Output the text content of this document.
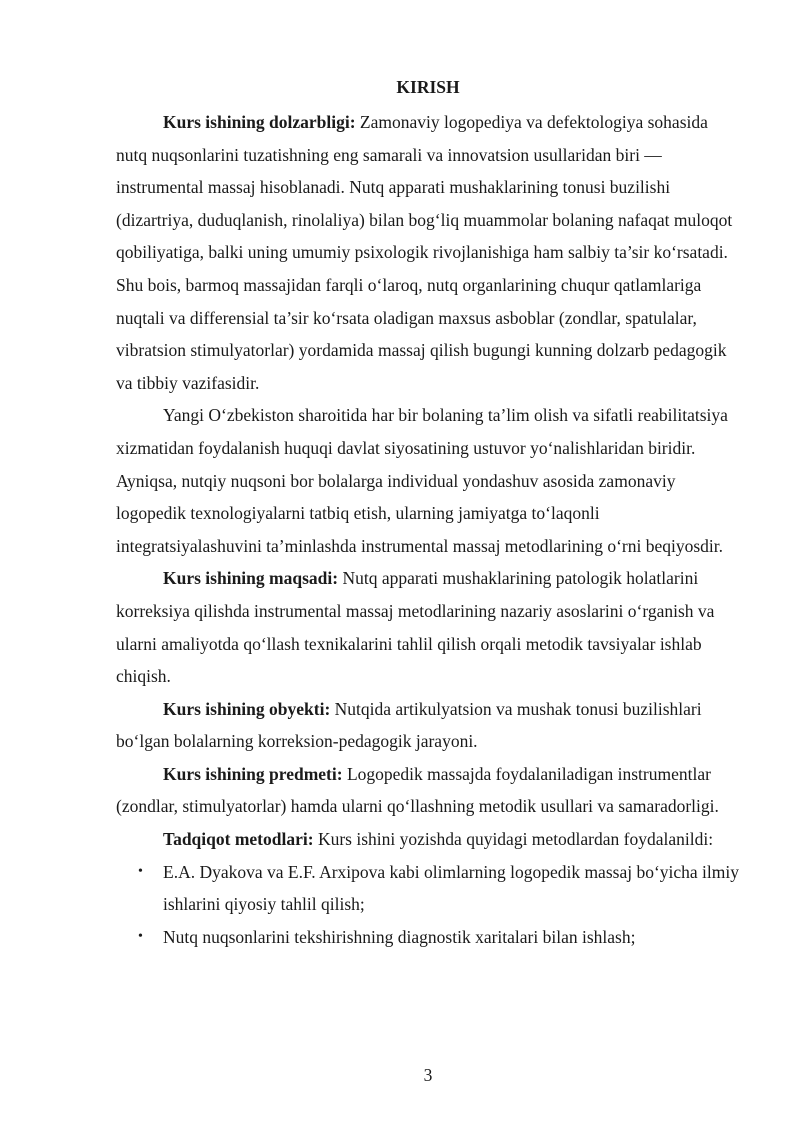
KIRISH

Kurs ishining dolzarbligi: Zamonaviy logopediya va defektologiya sohasida nutq nuqsonlarini tuzatishning eng samarali va innovatsion usullaridan biri — instrumental massaj hisoblanadi. Nutq apparati mushaklarining tonusi buzilishi (dizartriya, duduqlanish, rinolaliya) bilan bog‘liq muammolar bolaning nafaqat muloqot qobiliyatiga, balki uning umumiy psixologik rivojlanishiga ham salbiy ta’sir ko‘rsatadi. Shu bois, barmoq massajidan farqli o‘laroq, nutq organlarining chuqur qatlamlariga nuqtali va differensial ta’sir ko‘rsata oladigan maxsus asboblar (zondlar, spatulalar, vibratsion stimulyatorlar) yordamida massaj qilish bugungi kunning dolzarb pedagogik va tibbiy vazifasidir.

Yangi O‘zbekiston sharoitida har bir bolaning ta’lim olish va sifatli reabilitatsiya xizmatidan foydalanish huquqi davlat siyosatining ustuvor yo‘nalishlaridan biridir. Ayniqsa, nutqiy nuqsoni bor bolalarga individual yondashuv asosida zamonaviy logopedik texnologiyalarni tatbiq etish, ularning jamiyatga to‘laqonli integratsiyalashuvini ta’minlashda instrumental massaj metodlarining o‘rni beqiyosdir.

Kurs ishining maqsadi: Nutq apparati mushaklarining patologik holatlarini korreksiya qilishda instrumental massaj metodlarining nazariy asoslarini o‘rganish va ularni amaliyotda qo‘llash texnikalarini tahlil qilish orqali metodik tavsiyalar ishlab chiqish.

Kurs ishining obyekti: Nutqida artikulyatsion va mushak tonusi buzilishlari bo‘lgan bolalarning korreksion-pedagogik jarayoni.

Kurs ishining predmeti: Logopedik massajda foydalaniladigan instrumentlar (zondlar, stimulyatorlar) hamda ularni qo‘llashning metodik usullari va samaradorligi.

Tadqiqot metodlari: Kurs ishini yozishda quyidagi metodlardan foydalanildi:

• E.A. Dyakova va E.F. Arxipova kabi olimlarning logopedik massaj bo‘yicha ilmiy ishlarini qiyosiy tahlil qilish;
• Nutq nuqsonlarini tekshirishning diagnostik xaritalari bilan ishlash;
3
